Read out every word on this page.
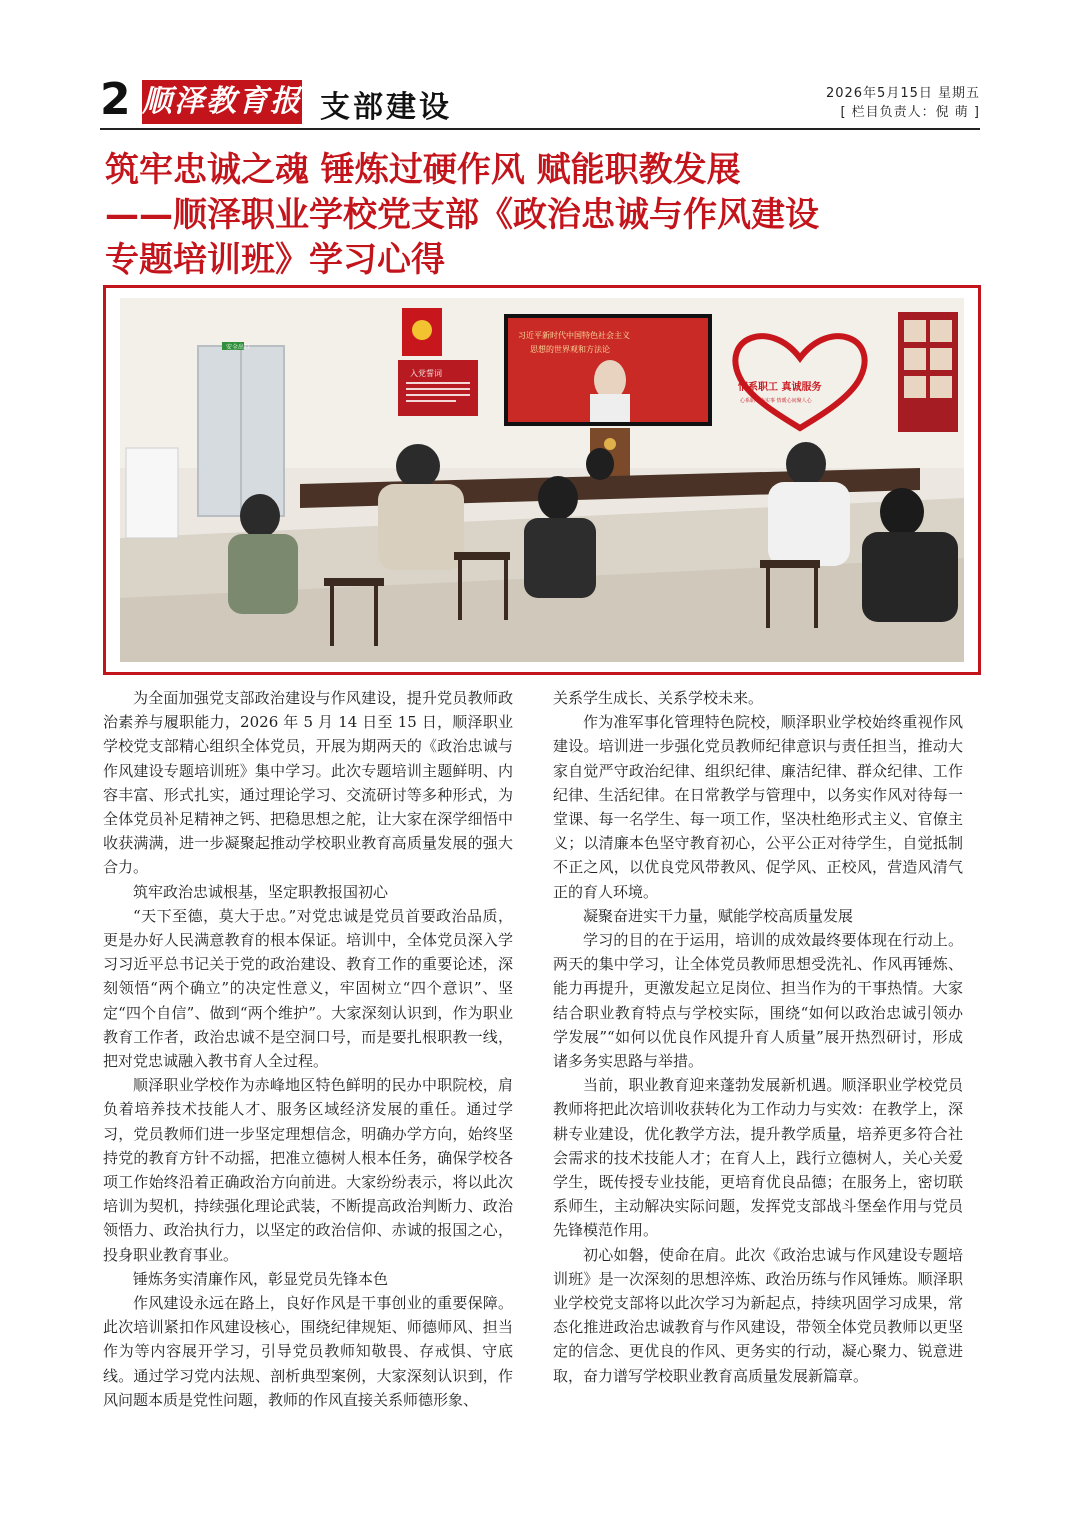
2 顺泽教育报 支部建设	2026年5月15日 星期五
[ 栏目负责人：倪 萌 ]
筑牢忠诚之魂 锤炼过硬作风 赋能职教发展
——顺泽职业学校党支部《政治忠诚与作风建设
专题培训班》学习心得
安全出口
入党誓词
习近平新时代中国特色社会主义
思想的世界观和方法论
情系职工 真诚服务
心系职工办实事 情暖心间聚人心

为全面加强党支部政治建设与作风建设，提升党员教师政治素养与履职能力，2026 年 5 月 14 日至 15 日，顺泽职业学校党支部精心组织全体党员，开展为期两天的《政治忠诚与作风建设专题培训班》集中学习。此次专题培训主题鲜明、内容丰富、形式扎实，通过理论学习、交流研讨等多种形式，为全体党员补足精神之钙、把稳思想之舵，让大家在深学细悟中收获满满，进一步凝聚起推动学校职业教育高质量发展的强大合力。

筑牢政治忠诚根基，坚定职教报国初心

“天下至德，莫大于忠。”对党忠诚是党员首要政治品质，更是办好人民满意教育的根本保证。培训中，全体党员深入学习习近平总书记关于党的政治建设、教育工作的重要论述，深刻领悟“两个确立”的决定性意义，牢固树立“四个意识”、坚定“四个自信”、做到“两个维护”。大家深刻认识到，作为职业教育工作者，政治忠诚不是空洞口号，而是要扎根职教一线，把对党忠诚融入教书育人全过程。

顺泽职业学校作为赤峰地区特色鲜明的民办中职院校，肩负着培养技术技能人才、服务区域经济发展的重任。通过学习，党员教师们进一步坚定理想信念，明确办学方向，始终坚持党的教育方针不动摇，把准立德树人根本任务，确保学校各项工作始终沿着正确政治方向前进。大家纷纷表示，将以此次培训为契机，持续强化理论武装，不断提高政治判断力、政治领悟力、政治执行力，以坚定的政治信仰、赤诚的报国之心，投身职业教育事业。

锤炼务实清廉作风，彰显党员先锋本色

作风建设永远在路上，良好作风是干事创业的重要保障。此次培训紧扣作风建设核心，围绕纪律规矩、师德师风、担当作为等内容展开学习，引导党员教师知敬畏、存戒惧、守底线。通过学习党内法规、剖析典型案例，大家深刻认识到，作风问题本质是党性问题，教师的作风直接关系师德形象、

关系学生成长、关系学校未来。

作为准军事化管理特色院校，顺泽职业学校始终重视作风建设。培训进一步强化党员教师纪律意识与责任担当，推动大家自觉严守政治纪律、组织纪律、廉洁纪律、群众纪律、工作纪律、生活纪律。在日常教学与管理中，以务实作风对待每一堂课、每一名学生、每一项工作，坚决杜绝形式主义、官僚主义；以清廉本色坚守教育初心，公平公正对待学生，自觉抵制不正之风，以优良党风带教风、促学风、正校风，营造风清气正的育人环境。

凝聚奋进实干力量，赋能学校高质量发展

学习的目的在于运用，培训的成效最终要体现在行动上。两天的集中学习，让全体党员教师思想受洗礼、作风再锤炼、能力再提升，更激发起立足岗位、担当作为的干事热情。大家结合职业教育特点与学校实际，围绕“如何以政治忠诚引领办学发展”“如何以优良作风提升育人质量”展开热烈研讨，形成诸多务实思路与举措。

当前，职业教育迎来蓬勃发展新机遇。顺泽职业学校党员教师将把此次培训收获转化为工作动力与实效：在教学上，深耕专业建设，优化教学方法，提升教学质量，培养更多符合社会需求的技术技能人才；在育人上，践行立德树人，关心关爱学生，既传授专业技能，更培育优良品德；在服务上，密切联系师生，主动解决实际问题，发挥党支部战斗堡垒作用与党员先锋模范作用。

初心如磐，使命在肩。此次《政治忠诚与作风建设专题培训班》是一次深刻的思想淬炼、政治历练与作风锤炼。顺泽职业学校党支部将以此次学习为新起点，持续巩固学习成果，常态化推进政治忠诚教育与作风建设，带领全体党员教师以更坚定的信念、更优良的作风、更务实的行动，凝心聚力、锐意进取，奋力谱写学校职业教育高质量发展新篇章。
